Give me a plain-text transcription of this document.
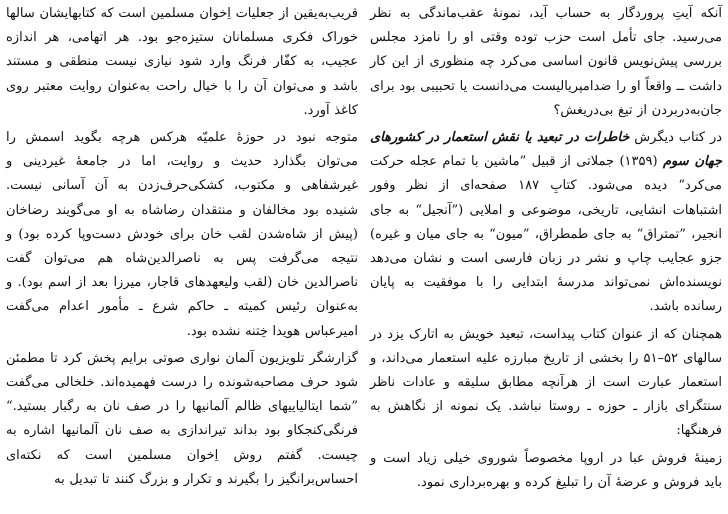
آنکه آیتِ پروردگار به حساب آید، نمونهٔ عقب‌ماندگی به نظر می‌رسید. جای تأمل است حزب توده وقتی او را نامزد مجلس بررسی پیش‌نویس قانون اساسی می‌کرد چه منظوری از این کار داشت ــ واقعاً او را ضدامپریالیست می‌دانست یا تحبیبی بود برای جان‌به‌دربردن از تیغ بی‌دریغش؟

در کتاب دیگرش خاطرات در تبعید یا نقش استعمار در کشورهای جهان سوم (۱۳۵۹) جملاتی از قبیل ”ماشین با تمام عجله حرکت می‌کرد“ دیده می‌شود. کتابِ ۱۸۷ صفحه‌ای از نظر وفور اشتباهات انشایی، تاریخی، موضوعی و املایی (”آنجیل“ به جای انجیر، ”تمتراق“ به جای طمطراق، ”میون“ به جای میان و غیره) جزو عجایب چاپ و نشر در زبان فارسی است و نشان می‌دهد نویسنده‌اش نمی‌تواند مدرسهٔ ابتدایی را با موفقیت به پایان رسانده باشد.

همچنان که از عنوان کتاب پیداست، تبعید خویش به اتارک یزد در سالهای ۵۲–۵۱ را بخشی از تاریخ مبارزه علیه استعمار می‌داند، و استعمار عبارت است از هرآنچه مطابق سلیقه و عادات ناظر سنتگرای بازار ـ حوزه ـ روستا نباشد. یک نمونه از نگاهش به فرهنگها:

زمینهٔ فروش عبا در اروپا مخصوصاً شوروی خیلی زیاد است و باید فروش و عرضهٔ آن را تبلیغ کرده و بهره‌برداری نمود.

قریب‌به‌یقین از جعلیات اِخوان مسلمین است که کتابهایشان سالها خوراک فکری مسلمانان ستیزه‌جو بود. هر اتهامی، هر اندازه عجیب، به کفّار فرنگ وارد شود نیازی نیست منطقی و مستند باشد و می‌توان آن را با خیال راحت به‌عنوان روایت معتبر روی کاغذ آورد.

متوجه نبود در حوزهٔ علمیّه هرکس هرچه بگوید اسمش را می‌توان بگذارد حدیث و روایت، اما در جامعهٔ غیردینی و غیرشفاهی و مکتوب، کشکی‌حرف‌زدن به آن آسانی نیست. شنیده بود مخالفان و منتقدان رضاشاه به او می‌گویند رضاخان (پیش از شاه‌شدن لقب خان برای خودش دست‌وپا کرده بود) و نتیجه می‌گرفت پس به ناصرالدین‌شاه هم می‌توان گفت ناصرالدین خان (لقب ولیعهدهای قاجار، میرزا بعد از اسم بود). و به‌عنوان رئیس کمیته ـ حاکم شرع ـ مأمور اعدام می‌گفت امیرعباس هویدا خِتنه نشده بود.

گزارشگر تلویزیون آلمان نواری صوتی برایم پخش کرد تا مطمئن شود حرف مصاحبه‌شونده را درست فهمیده‌اند. خلخالی می‌گفت ”شما ایتالیاییهای ظالم آلمانیها را در صف نان به رگبار بستید.“ فرنگی‌کنجکاو بود بداند تیراندازی به صف نان آلمانیها اشاره به چیست. گفتم روش اِخوان مسلمین است که نکته‌ای احساس‌برانگیز را بگیرند و تکرار و بزرگ کنند تا تبدیل به
